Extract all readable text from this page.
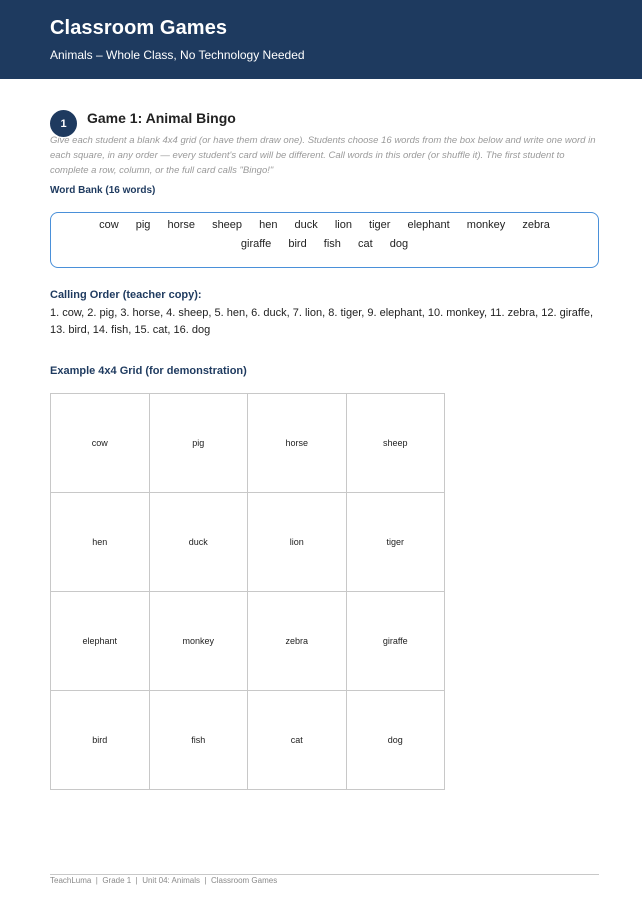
Classroom Games
Animals – Whole Class, No Technology Needed
1	Game 1: Animal Bingo
Give each student a blank 4x4 grid (or have them draw one). Students choose 16 words from the box below and write one word in each square, in any order — every student's card will be different. Call words in this order (or shuffle it). The first student to complete a row, column, or the full card calls "Bingo!"
Word Bank (16 words)
cow pig horse sheep hen duck lion tiger elephant monkey zebra giraffe bird fish cat dog
Calling Order (teacher copy):
1. cow, 2. pig, 3. horse, 4. sheep, 5. hen, 6. duck, 7. lion, 8. tiger, 9. elephant, 10. monkey, 11. zebra, 12. giraffe, 13. bird, 14. fish, 15. cat, 16. dog
Example 4x4 Grid (for demonstration)
cow	pig	horse	sheep
hen	duck	lion	tiger
elephant	monkey	zebra	giraffe
bird	fish	cat	dog
TeachLuma  |  Grade 1  |  Unit 04: Animals  |  Classroom Games
